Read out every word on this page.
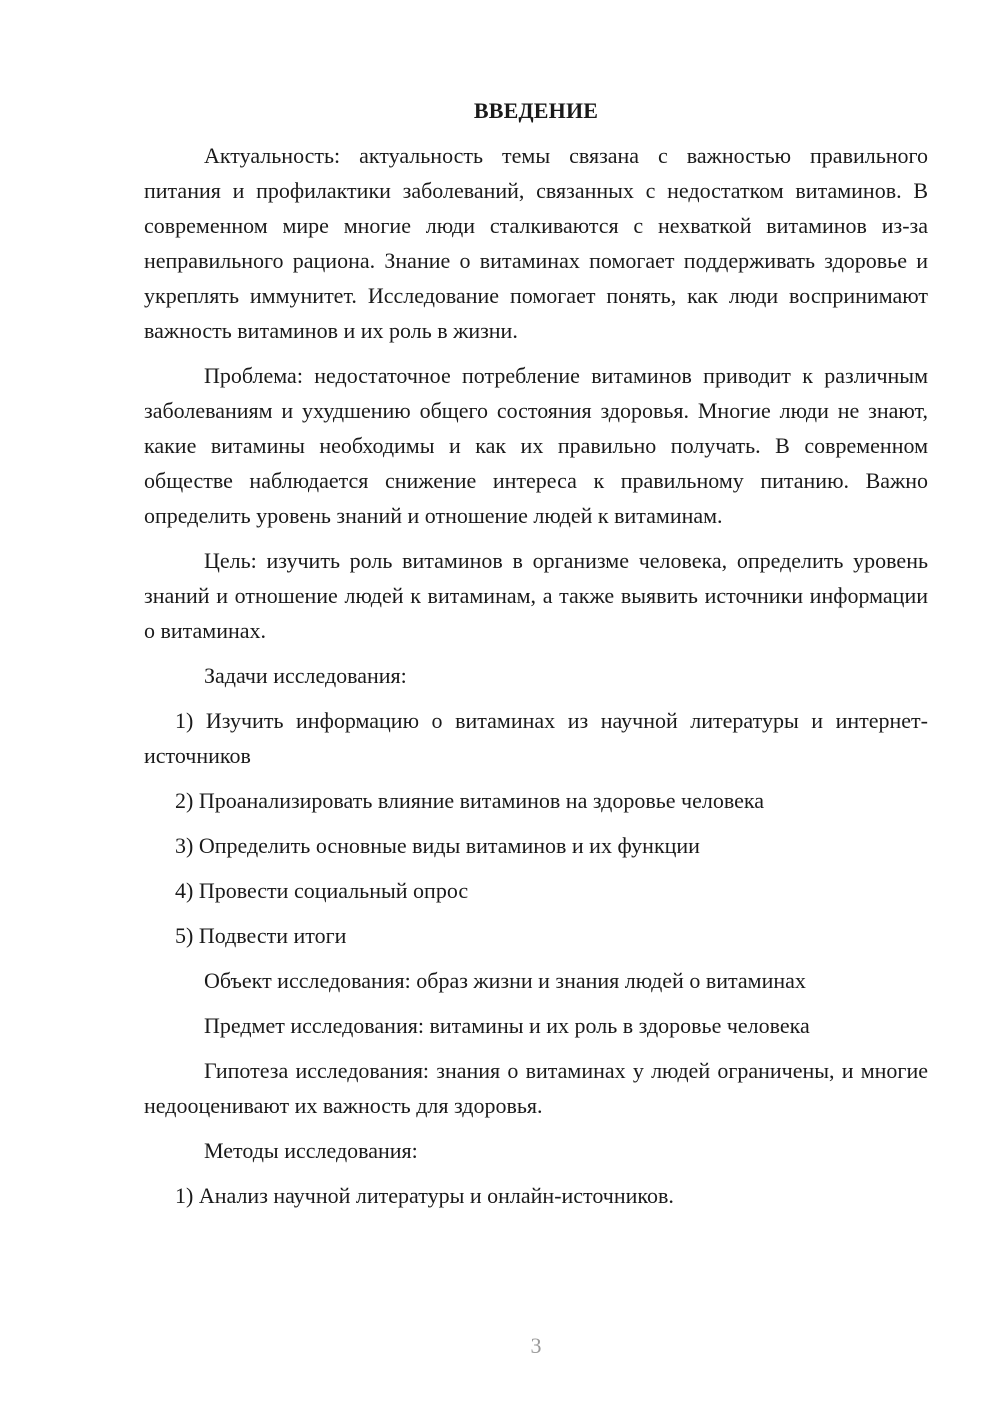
ВВЕДЕНИЕ
Актуальность: актуальность темы связана с важностью правильного питания и профилактики заболеваний, связанных с недостатком витаминов. В современном мире многие люди сталкиваются с нехваткой витаминов из-за неправильного рациона. Знание о витаминах помогает поддерживать здоровье и укреплять иммунитет. Исследование помогает понять, как люди воспринимают важность витаминов и их роль в жизни.
Проблема: недостаточное потребление витаминов приводит к различным заболеваниям и ухудшению общего состояния здоровья. Многие люди не знают, какие витамины необходимы и как их правильно получать. В современном обществе наблюдается снижение интереса к правильному питанию. Важно определить уровень знаний и отношение людей к витаминам.
Цель: изучить роль витаминов в организме человека, определить уровень знаний и отношение людей к витаминам, а также выявить источники информации о витаминах.
Задачи исследования:
1) Изучить информацию о витаминах из научной литературы и интернет-источников
2) Проанализировать влияние витаминов на здоровье человека
3) Определить основные виды витаминов и их функции
4) Провести социальный опрос
5) Подвести итоги
Объект исследования: образ жизни и знания людей о витаминах
Предмет исследования: витамины и их роль в здоровье человека
Гипотеза исследования: знания о витаминах у людей ограничены, и многие недооценивают их важность для здоровья.
Методы исследования:
1) Анализ научной литературы и онлайн-источников.
3
